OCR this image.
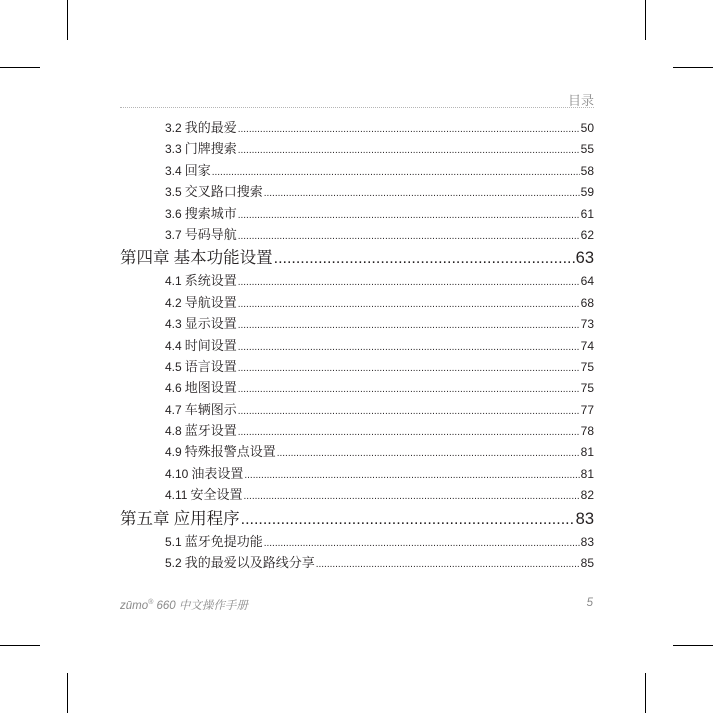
目录
3.2 我的最爱 .....	50
3.3 门牌搜索 .....	55
3.4 回家 .....	58
3.5 交叉路口搜索 .....	59
3.6 搜索城市 .....	61
3.7 号码导航 .....	62
第四章 基本功能设置 .....	63
4.1 系统设置 .....	64
4.2 导航设置 .....	68
4.3 显示设置 .....	73
4.4 时间设置 .....	74
4.5 语言设置 .....	75
4.6 地图设置 .....	75
4.7 车辆图示 .....	77
4.8 蓝牙设置 .....	78
4.9 特殊报警点设置 .....	81
4.10 油表设置 .....	81
4.11 安全设置 .....	82
第五章 应用程序 .....	83
5.1 蓝牙免提功能 .....	83
5.2 我的最爱以及路线分享 .....	85
zūmo® 660 中文操作手册	5
